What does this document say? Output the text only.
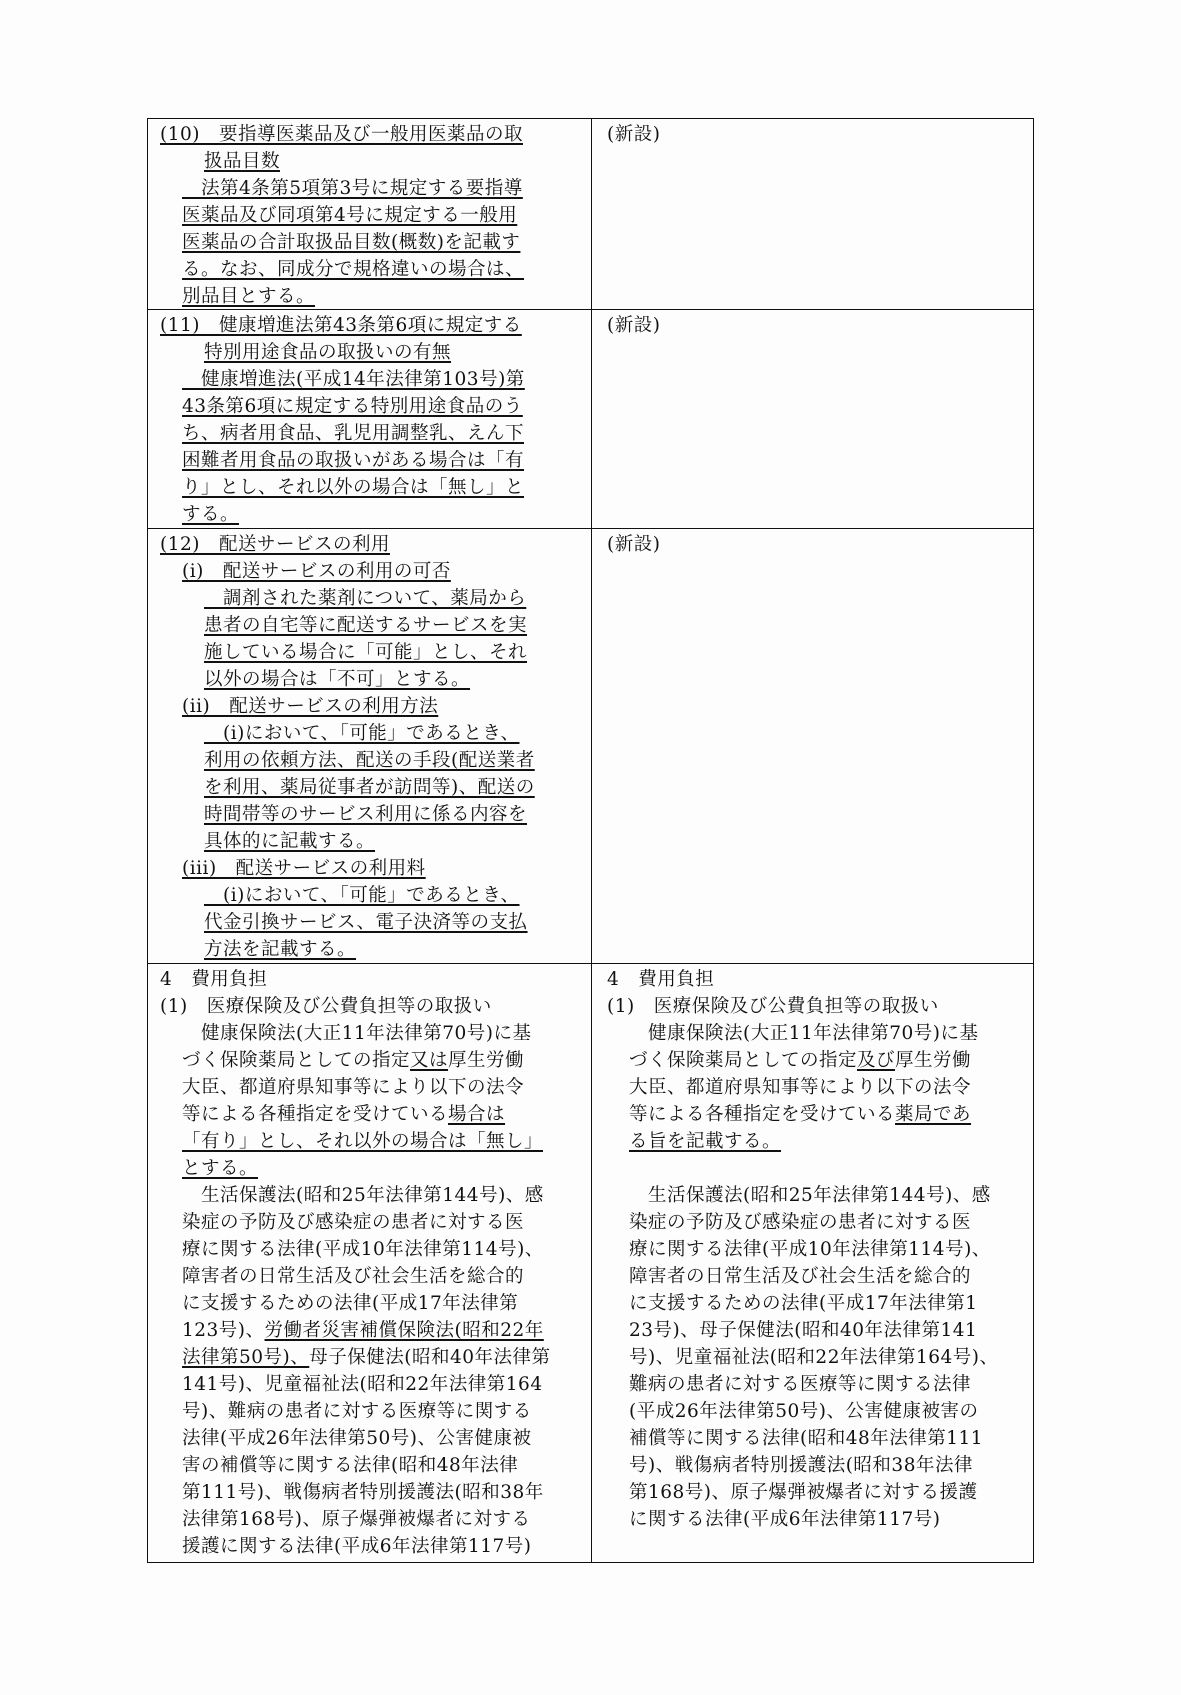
(10)　要指導医薬品及び一般用医薬品の取
扱品目数
　法第4条第5項第3号に規定する要指導
医薬品及び同項第4号に規定する一般用
医薬品の合計取扱品目数(概数)を記載す
る。なお、同成分で規格違いの場合は、
別品目とする。
(新設)
(11)　健康増進法第43条第6項に規定する
特別用途食品の取扱いの有無
　健康増進法(平成14年法律第103号)第
43条第6項に規定する特別用途食品のう
ち、病者用食品、乳児用調整乳、えん下
困難者用食品の取扱いがある場合は「有
り」とし、それ以外の場合は「無し」と
する。
(新設)
(12)　配送サービスの利用
(i)　配送サービスの利用の可否
　調剤された薬剤について、薬局から
患者の自宅等に配送するサービスを実
施している場合に「可能」とし、それ
以外の場合は「不可」とする。
(ii)　配送サービスの利用方法
　(i)において、「可能」であるとき、
利用の依頼方法、配送の手段(配送業者
を利用、薬局従事者が訪問等)、配送の
時間帯等のサービス利用に係る内容を
具体的に記載する。
(iii)　配送サービスの利用料
　(i)において、「可能」であるとき、
代金引換サービス、電子決済等の支払
方法を記載する。
(新設)
4　費用負担
(1)　医療保険及び公費負担等の取扱い
　健康保険法(大正11年法律第70号)に基
づく保険薬局としての指定又は厚生労働
大臣、都道府県知事等により以下の法令
等による各種指定を受けている場合は
「有り」とし、それ以外の場合は「無し」
とする。
　生活保護法(昭和25年法律第144号)、感
染症の予防及び感染症の患者に対する医
療に関する法律(平成10年法律第114号)、
障害者の日常生活及び社会生活を総合的
に支援するための法律(平成17年法律第
123号)、労働者災害補償保険法(昭和22年
法律第50号)、母子保健法(昭和40年法律第
141号)、児童福祉法(昭和22年法律第164
号)、難病の患者に対する医療等に関する
法律(平成26年法律第50号)、公害健康被
害の補償等に関する法律(昭和48年法律
第111号)、戦傷病者特別援護法(昭和38年
法律第168号)、原子爆弾被爆者に対する
援護に関する法律(平成6年法律第117号)
4　費用負担
(1)　医療保険及び公費負担等の取扱い
　健康保険法(大正11年法律第70号)に基
づく保険薬局としての指定及び厚生労働
大臣、都道府県知事等により以下の法令
等による各種指定を受けている薬局であ
る旨を記載する。
　生活保護法(昭和25年法律第144号)、感
染症の予防及び感染症の患者に対する医
療に関する法律(平成10年法律第114号)、
障害者の日常生活及び社会生活を総合的
に支援するための法律(平成17年法律第1
23号)、母子保健法(昭和40年法律第141
号)、児童福祉法(昭和22年法律第164号)、
難病の患者に対する医療等に関する法律
(平成26年法律第50号)、公害健康被害の
補償等に関する法律(昭和48年法律第111
号)、戦傷病者特別援護法(昭和38年法律
第168号)、原子爆弾被爆者に対する援護
に関する法律(平成6年法律第117号)
